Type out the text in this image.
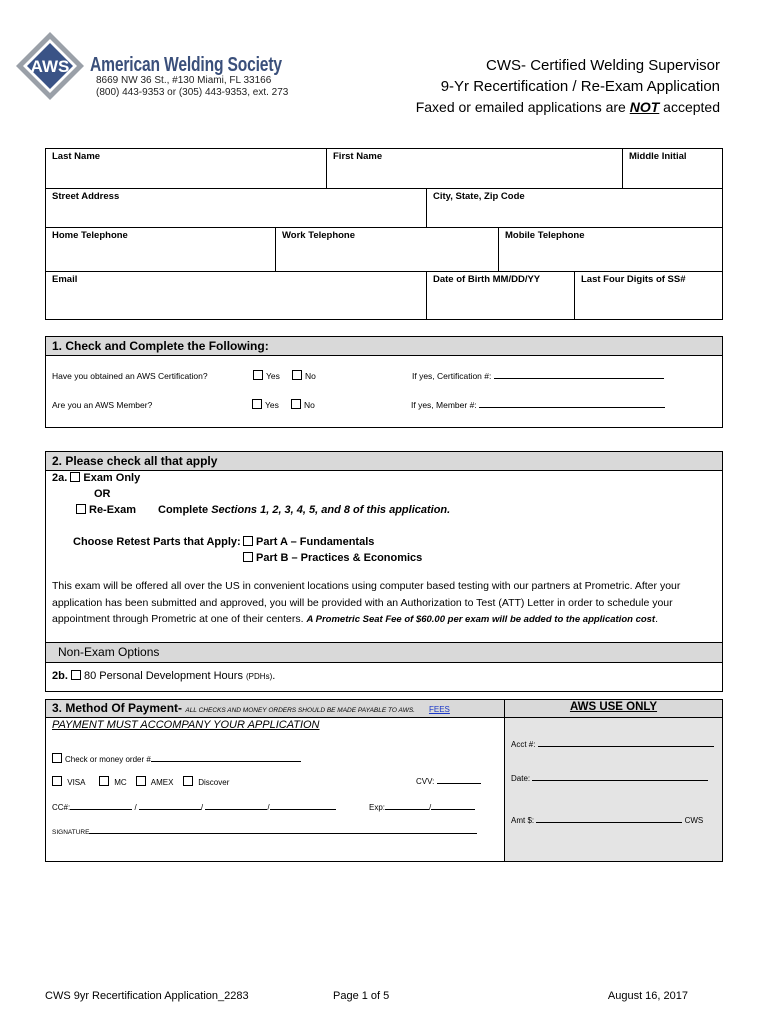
AWS American Welding Society
8669 NW 36 St., #130 Miami, FL 33166
(800) 443-9353 or (305) 443-9353, ext. 273
CWS- Certified Welding Supervisor
9-Yr Recertification / Re-Exam Application
Faxed or emailed applications are NOT accepted
Last Name	First Name	Middle Initial
Street Address	City, State, Zip Code
Home Telephone	Work Telephone	Mobile Telephone
Email	Date of Birth MM/DD/YY	Last Four Digits of SS#
1. Check and Complete the Following:
Have you obtained an AWS Certification?	Yes	No	If yes, Certification #:
Are you an AWS Member?	Yes	No	If yes, Member #:
2. Please check all that apply
2a. Exam Only
OR
Re-Exam Complete Sections 1, 2, 3, 4, 5, and 8 of this application.
Choose Retest Parts that Apply:	Part A – Fundamentals
Part B – Practices & Economics
This exam will be offered all over the US in convenient locations using computer based testing with our partners at Prometric. After your application has been submitted and approved, you will be provided with an Authorization to Test (ATT) Letter in order to schedule your appointment through Prometric at one of their centers. A Prometric Seat Fee of $60.00 per exam will be added to the application cost.
Non-Exam Options
2b. 80 Personal Development Hours (PDHs).
3. Method Of Payment- ALL CHECKS AND MONEY ORDERS SHOULD BE MADE PAYABLE TO AWS. FEES
PAYMENT MUST ACCOMPANY YOUR APPLICATION
Check or money order #
VISA	MC	AMEX	Discover	CVV:
CC#:	/	/	/	Exp:	/
SIGNATURE
AWS USE ONLY
Acct #:
Date:
Amt $:	CWS
CWS 9yr Recertification Application_2283	Page 1 of 5	August 16, 2017
